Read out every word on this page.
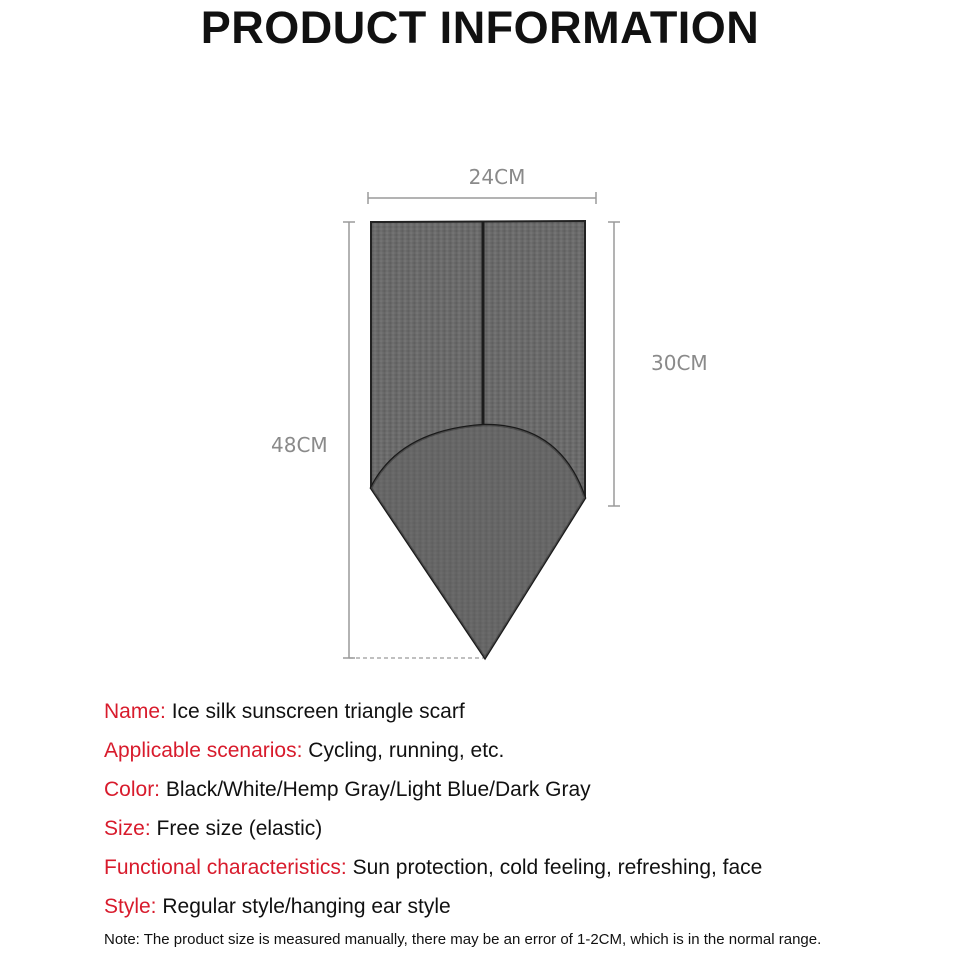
PRODUCT INFORMATION
24CM
30CM
48CM
Name: Ice silk sunscreen triangle scarf
Applicable scenarios: Cycling, running, etc.
Color: Black/White/Hemp Gray/Light Blue/Dark Gray
Size: Free size (elastic)
Functional characteristics: Sun protection, cold feeling, refreshing, face
Style: Regular style/hanging ear style
Note: The product size is measured manually, there may be an error of 1-2CM, which is in the normal range.
